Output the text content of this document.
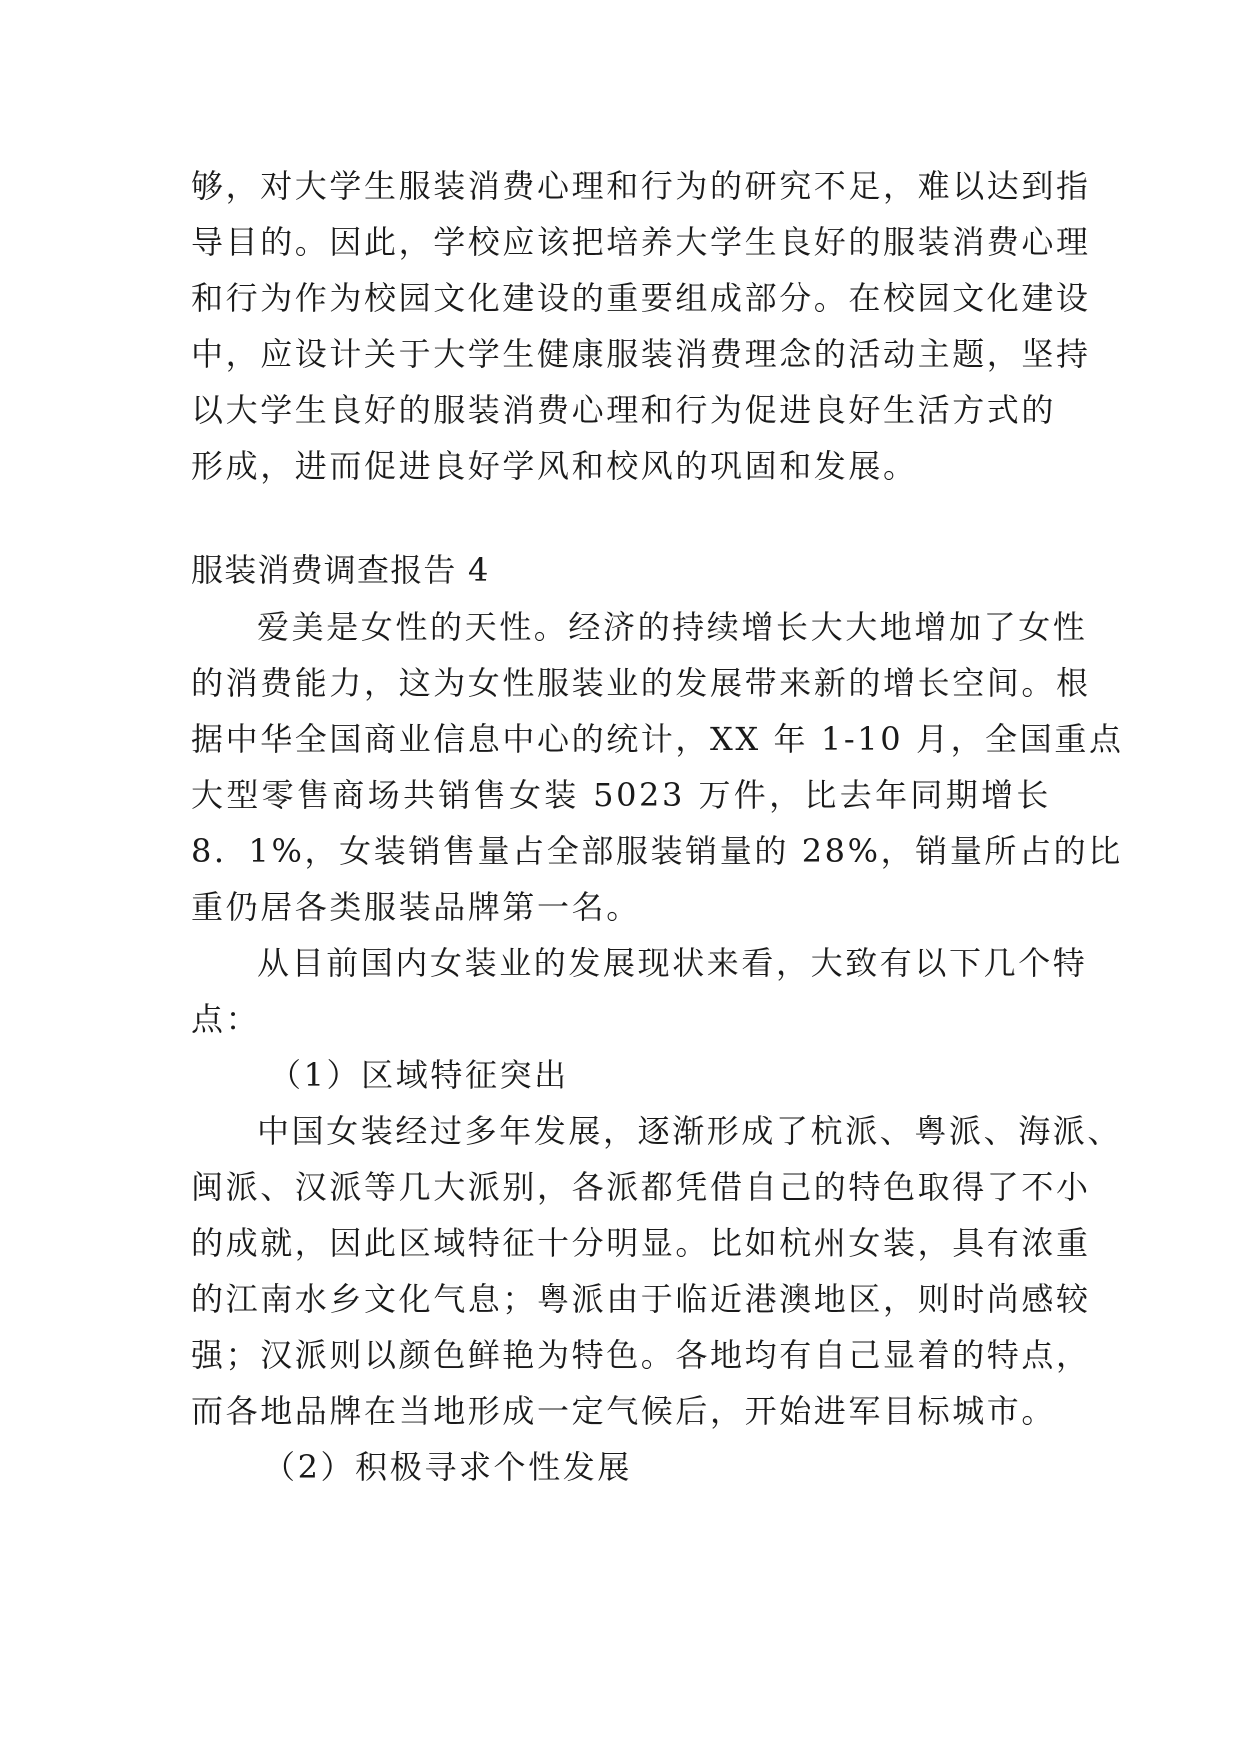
够，对大学生服装消费心理和行为的研究不足，难以达到指
导目的。因此，学校应该把培养大学生良好的服装消费心理
和行为作为校园文化建设的重要组成部分。在校园文化建设
中，应设计关于大学生健康服装消费理念的活动主题，坚持
以大学生良好的服装消费心理和行为促进良好生活方式的
形成，进而促进良好学风和校风的巩固和发展。
服装消费调查报告 4
爱美是女性的天性。经济的持续增长大大地增加了女性
的消费能力，这为女性服装业的发展带来新的增长空间。根
据中华全国商业信息中心的统计，XX 年 1-10 月，全国重点
大型零售商场共销售女装 5023 万件，比去年同期增长
8．1%，女装销售量占全部服装销量的 28%，销量所占的比
重仍居各类服装品牌第一名。
从目前国内女装业的发展现状来看，大致有以下几个特
点：
（1）区域特征突出
中国女装经过多年发展，逐渐形成了杭派、粤派、海派、
闽派、汉派等几大派别，各派都凭借自己的特色取得了不小
的成就，因此区域特征十分明显。比如杭州女装，具有浓重
的江南水乡文化气息；粤派由于临近港澳地区，则时尚感较
强；汉派则以颜色鲜艳为特色。各地均有自己显着的特点，
而各地品牌在当地形成一定气候后，开始进军目标城市。
（2）积极寻求个性发展
